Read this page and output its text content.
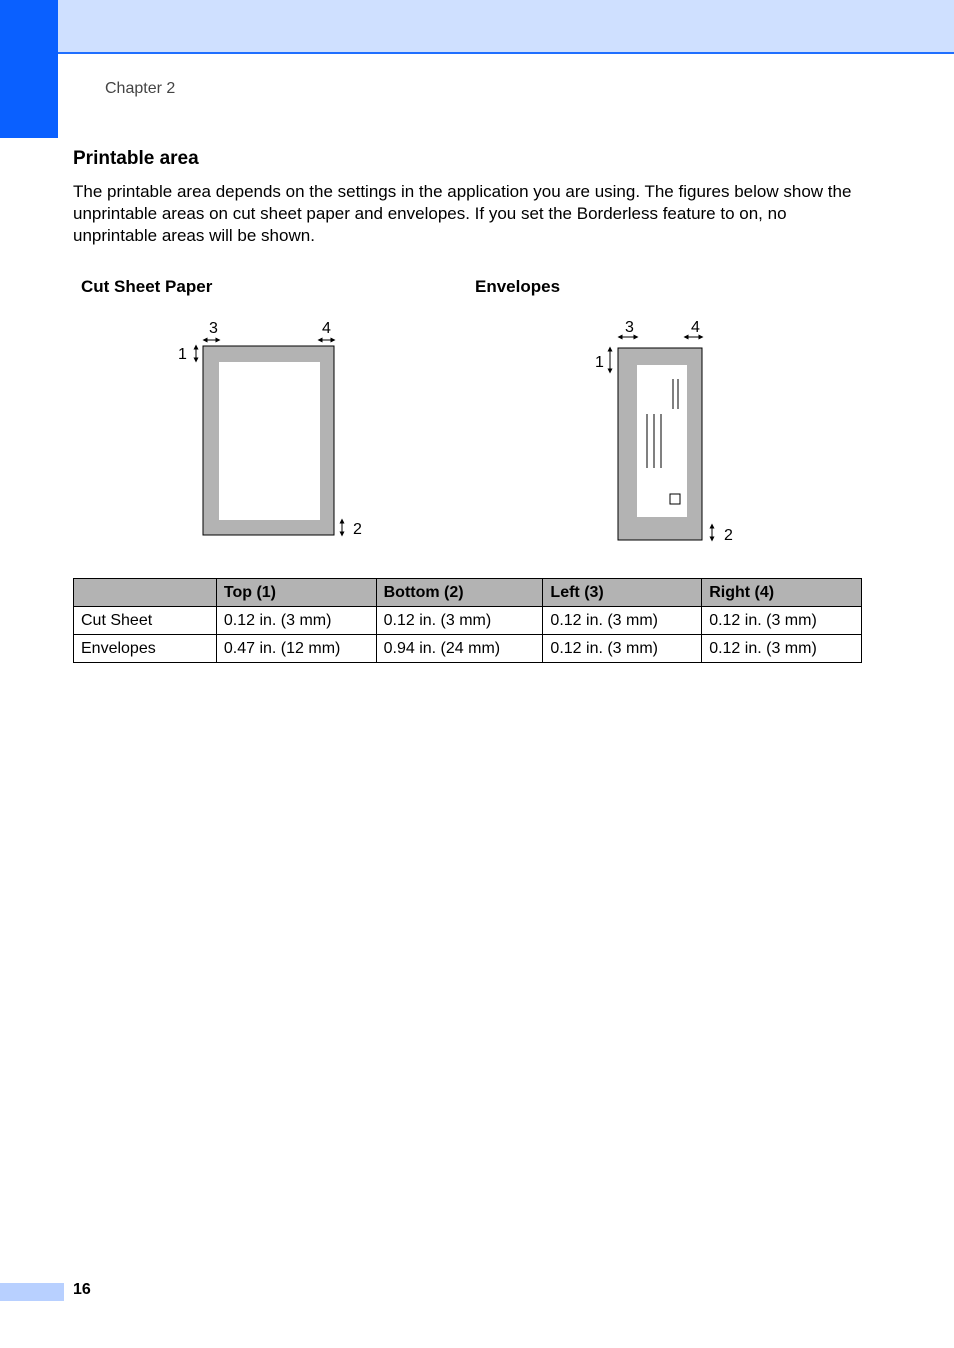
Chapter 2
Printable area
The printable area depends on the settings in the application you are using. The figures below show the unprintable areas on cut sheet paper and envelopes. If you set the Borderless feature to on, no unprintable areas will be shown.
Cut Sheet Paper	Envelopes
3	4
1
2
3	4
1
2
	Top (1)	Bottom (2)	Left (3)	Right (4)
Cut Sheet	0.12 in. (3 mm)	0.12 in. (3 mm)	0.12 in. (3 mm)	0.12 in. (3 mm)
Envelopes	0.47 in. (12 mm)	0.94 in. (24 mm)	0.12 in. (3 mm)	0.12 in. (3 mm)
16
